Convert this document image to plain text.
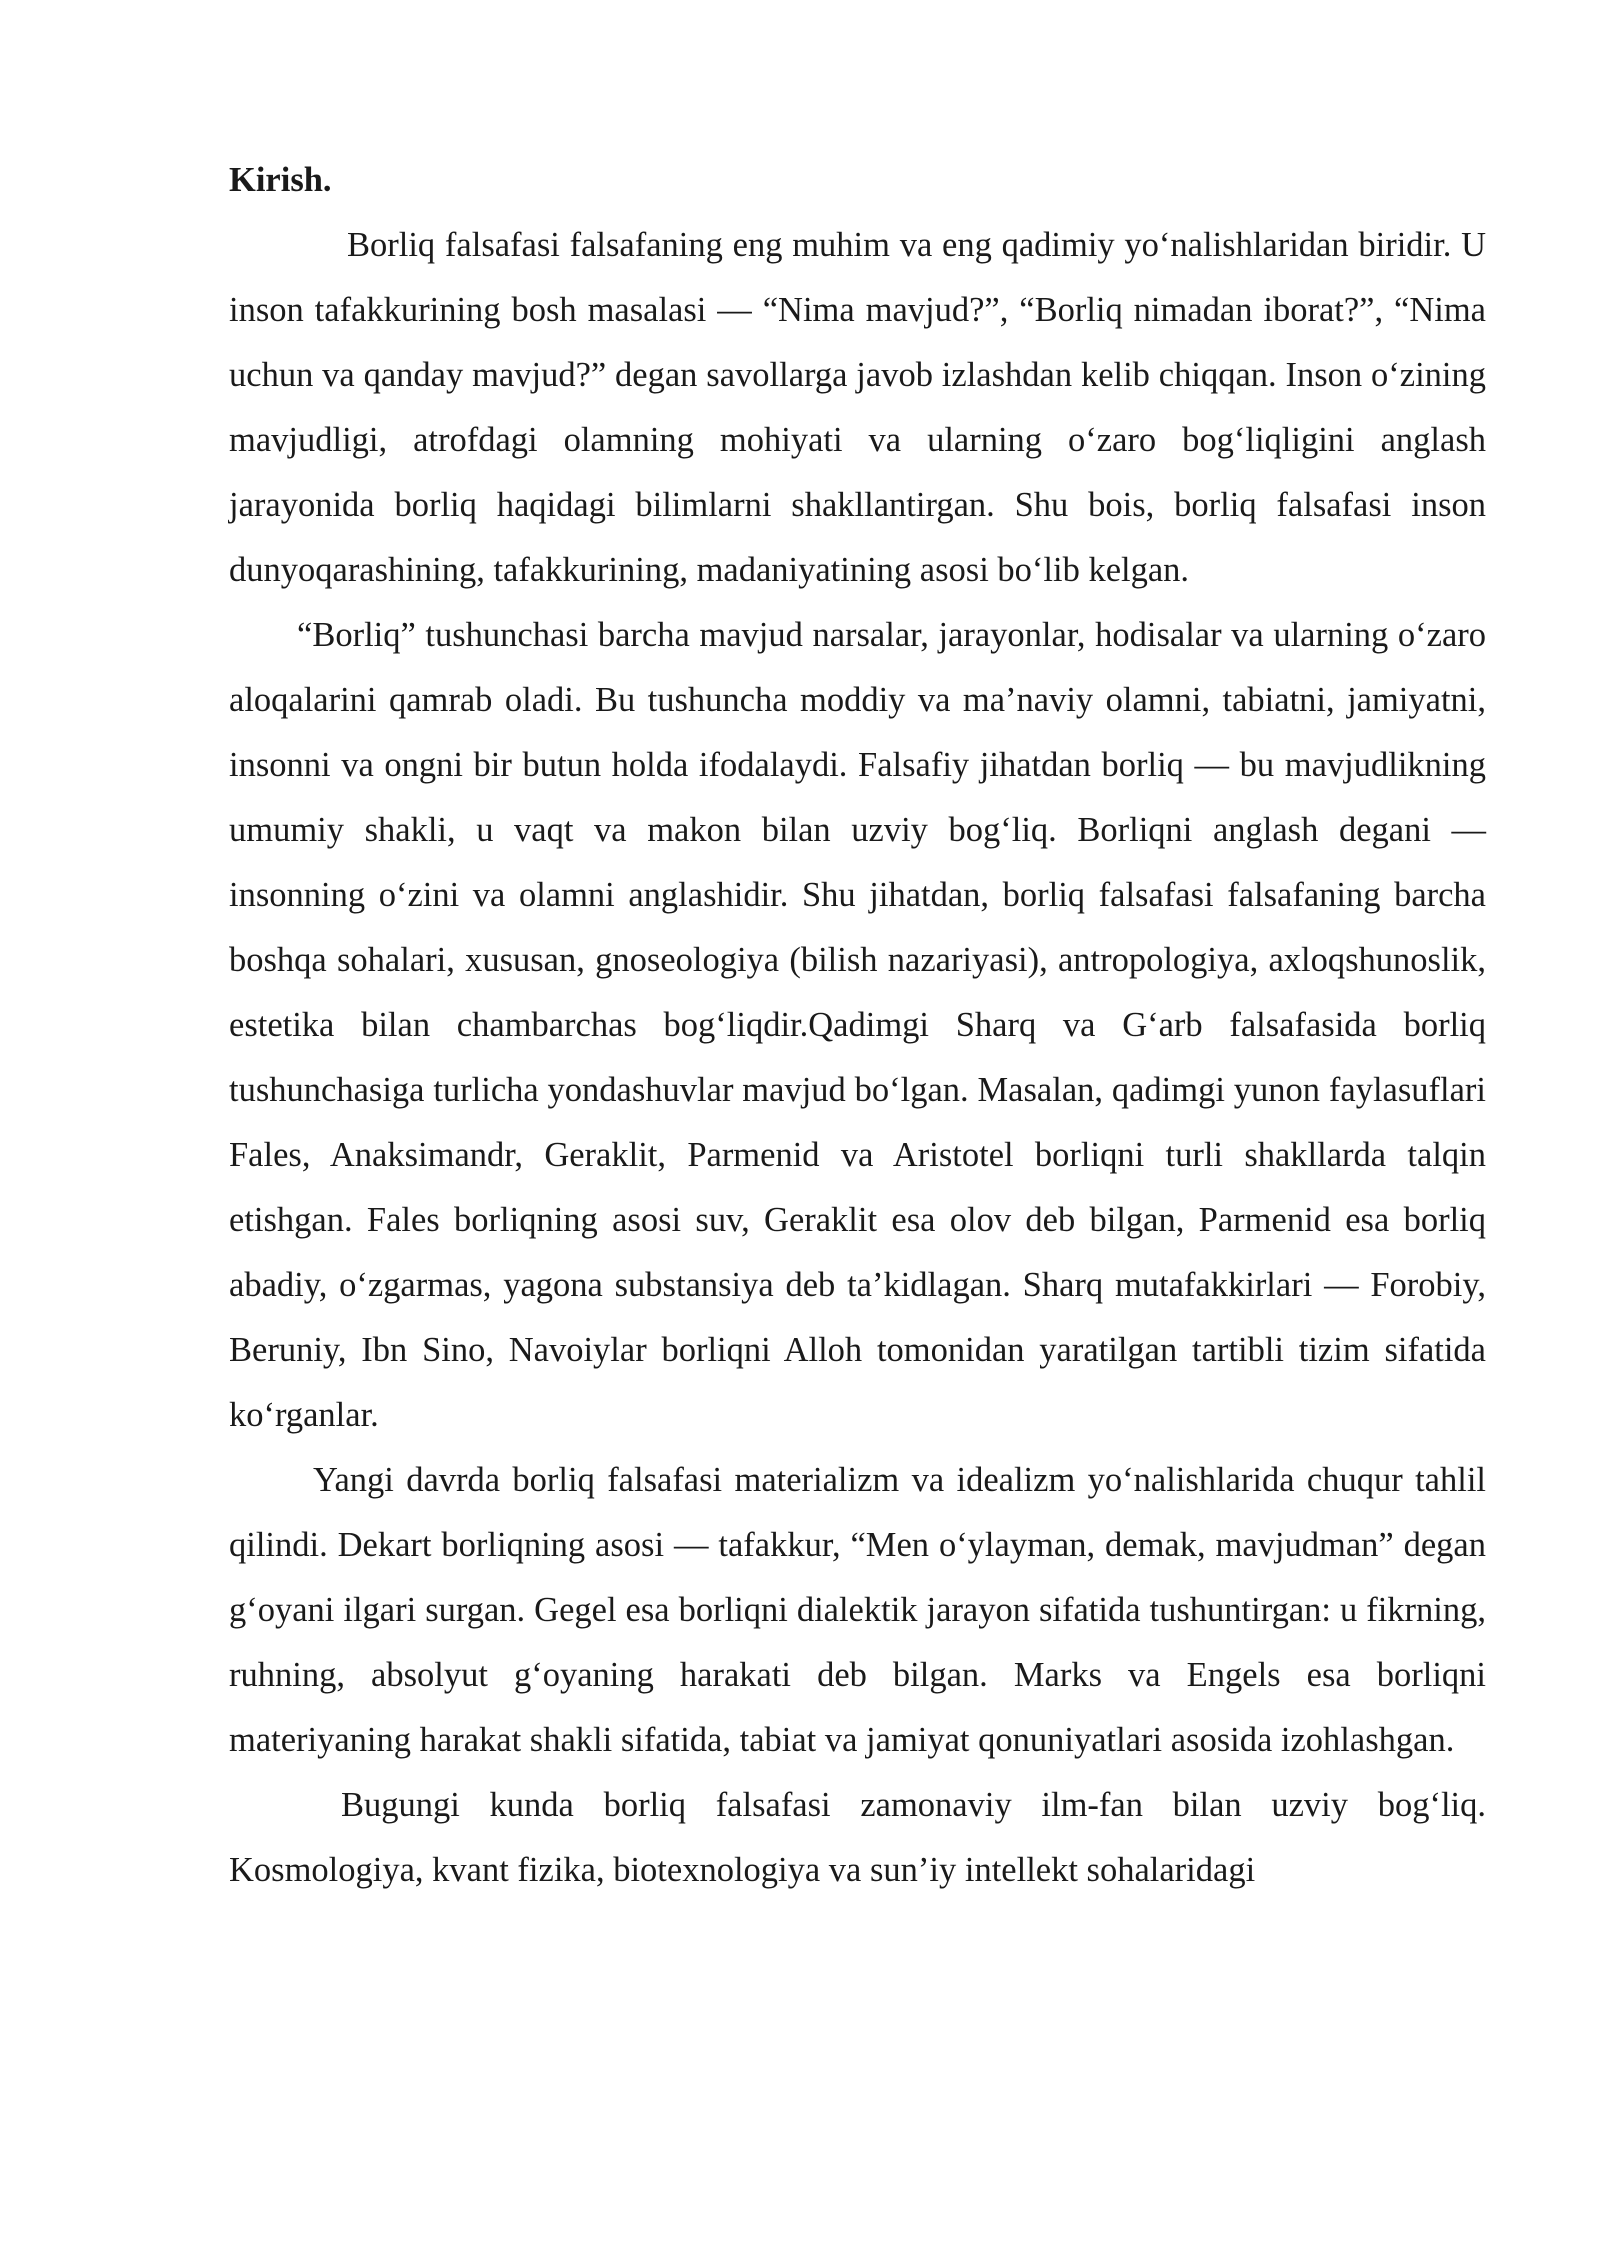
Kirish.

Borliq falsafasi falsafaning eng muhim va eng qadimiy yo‘nalishlaridan biridir. U inson tafakkurining bosh masalasi — “Nima mavjud?”, “Borliq nimadan iborat?”, “Nima uchun va qanday mavjud?” degan savollarga javob izlashdan kelib chiqqan. Inson o‘zining mavjudligi, atrofdagi olamning mohiyati va ularning o‘zaro bog‘liqligini anglash jarayonida borliq haqidagi bilimlarni shakllantirgan. Shu bois, borliq falsafasi inson dunyoqarashining, tafakkurining, madaniyatining asosi bo‘lib kelgan.

“Borliq” tushunchasi barcha mavjud narsalar, jarayonlar, hodisalar va ularning o‘zaro aloqalarini qamrab oladi. Bu tushuncha moddiy va ma’naviy olamni, tabiatni, jamiyatni, insonni va ongni bir butun holda ifodalaydi. Falsafiy jihatdan borliq — bu mavjudlikning umumiy shakli, u vaqt va makon bilan uzviy bog‘liq. Borliqni anglash degani — insonning o‘zini va olamni anglashidir. Shu jihatdan, borliq falsafasi falsafaning barcha boshqa sohalari, xususan, gnoseologiya (bilish nazariyasi), antropologiya, axloqshunoslik, estetika bilan chambarchas bog‘liqdir.Qadimgi Sharq va G‘arb falsafasida borliq tushunchasiga turlicha yondashuvlar mavjud bo‘lgan. Masalan, qadimgi yunon faylasuflari Fales, Anaksimandr, Geraklit, Parmenid va Aristotel borliqni turli shakllarda talqin etishgan. Fales borliqning asosi suv, Geraklit esa olov deb bilgan, Parmenid esa borliq abadiy, o‘zgarmas, yagona substansiya deb ta’kidlagan. Sharq mutafakkirlari — Forobiy, Beruniy, Ibn Sino, Navoiylar borliqni Alloh tomonidan yaratilgan tartibli tizim sifatida ko‘rganlar.

Yangi davrda borliq falsafasi materializm va idealizm yo‘nalishlarida chuqur tahlil qilindi. Dekart borliqning asosi — tafakkur, “Men o‘ylayman, demak, mavjudman” degan g‘oyani ilgari surgan. Gegel esa borliqni dialektik jarayon sifatida tushuntirgan: u fikrning, ruhning, absolyut g‘oyaning harakati deb bilgan. Marks va Engels esa borliqni materiyaning harakat shakli sifatida, tabiat va jamiyat qonuniyatlari asosida izohlashgan.

Bugungi kunda borliq falsafasi zamonaviy ilm-fan bilan uzviy bog‘liq. Kosmologiya, kvant fizika, biotexnologiya va sun’iy intellekt sohalaridagi
